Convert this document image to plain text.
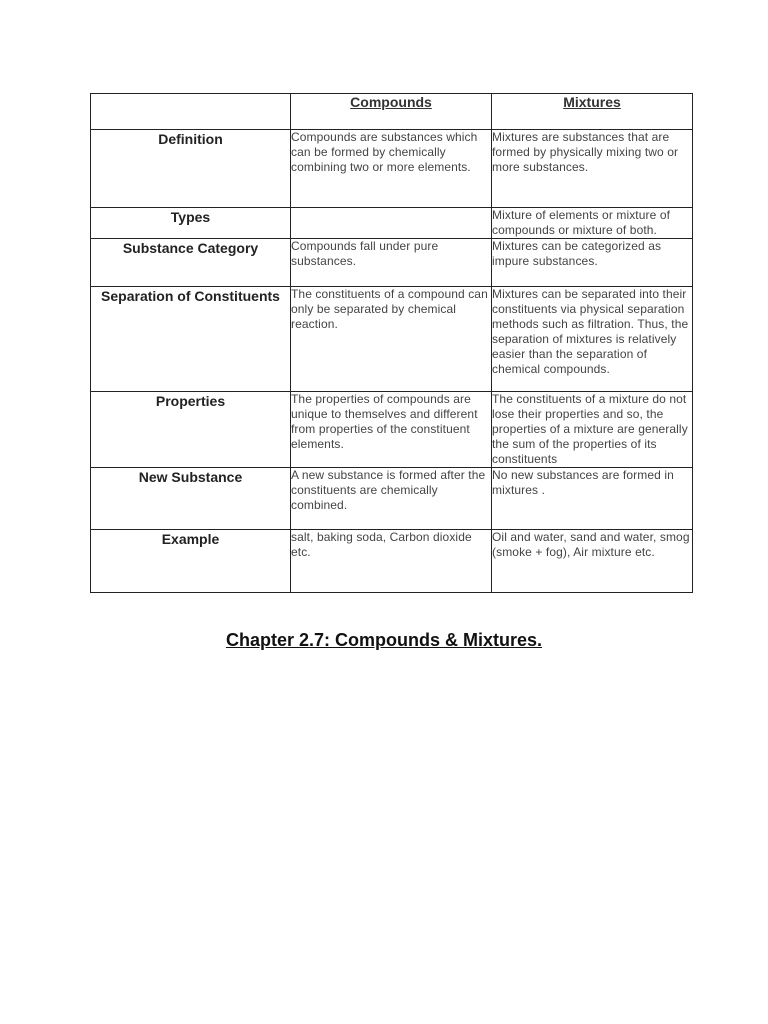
	Compounds	Mixtures
Definition	Compounds are substances which can be formed by chemically combining two or more elements.	Mixtures are substances that are formed by physically mixing two or more substances.

Types		Mixture of elements or mixture of compounds or mixture of both.

Substance Category	Compounds fall under pure substances.	Mixtures can be categorized as impure substances.

Separation of Constituents	The constituents of a compound can only be separated by chemical reaction.	Mixtures can be separated into their constituents via physical separation methods such as filtration. Thus, the separation of mixtures is relatively easier than the separation of chemical compounds.

Properties	The properties of compounds are unique to themselves and different from properties of the constituent elements.	The constituents of a mixture do not lose their properties and so, the properties of a mixture are generally the sum of the properties of its constituents

New Substance	A new substance is formed after the constituents are chemically combined.	No new substances are formed in mixtures .

Example	salt, baking soda, Carbon dioxide etc.	Oil and water, sand and water, smog (smoke + fog), Air mixture etc.
Chapter 2.7: Compounds & Mixtures.
